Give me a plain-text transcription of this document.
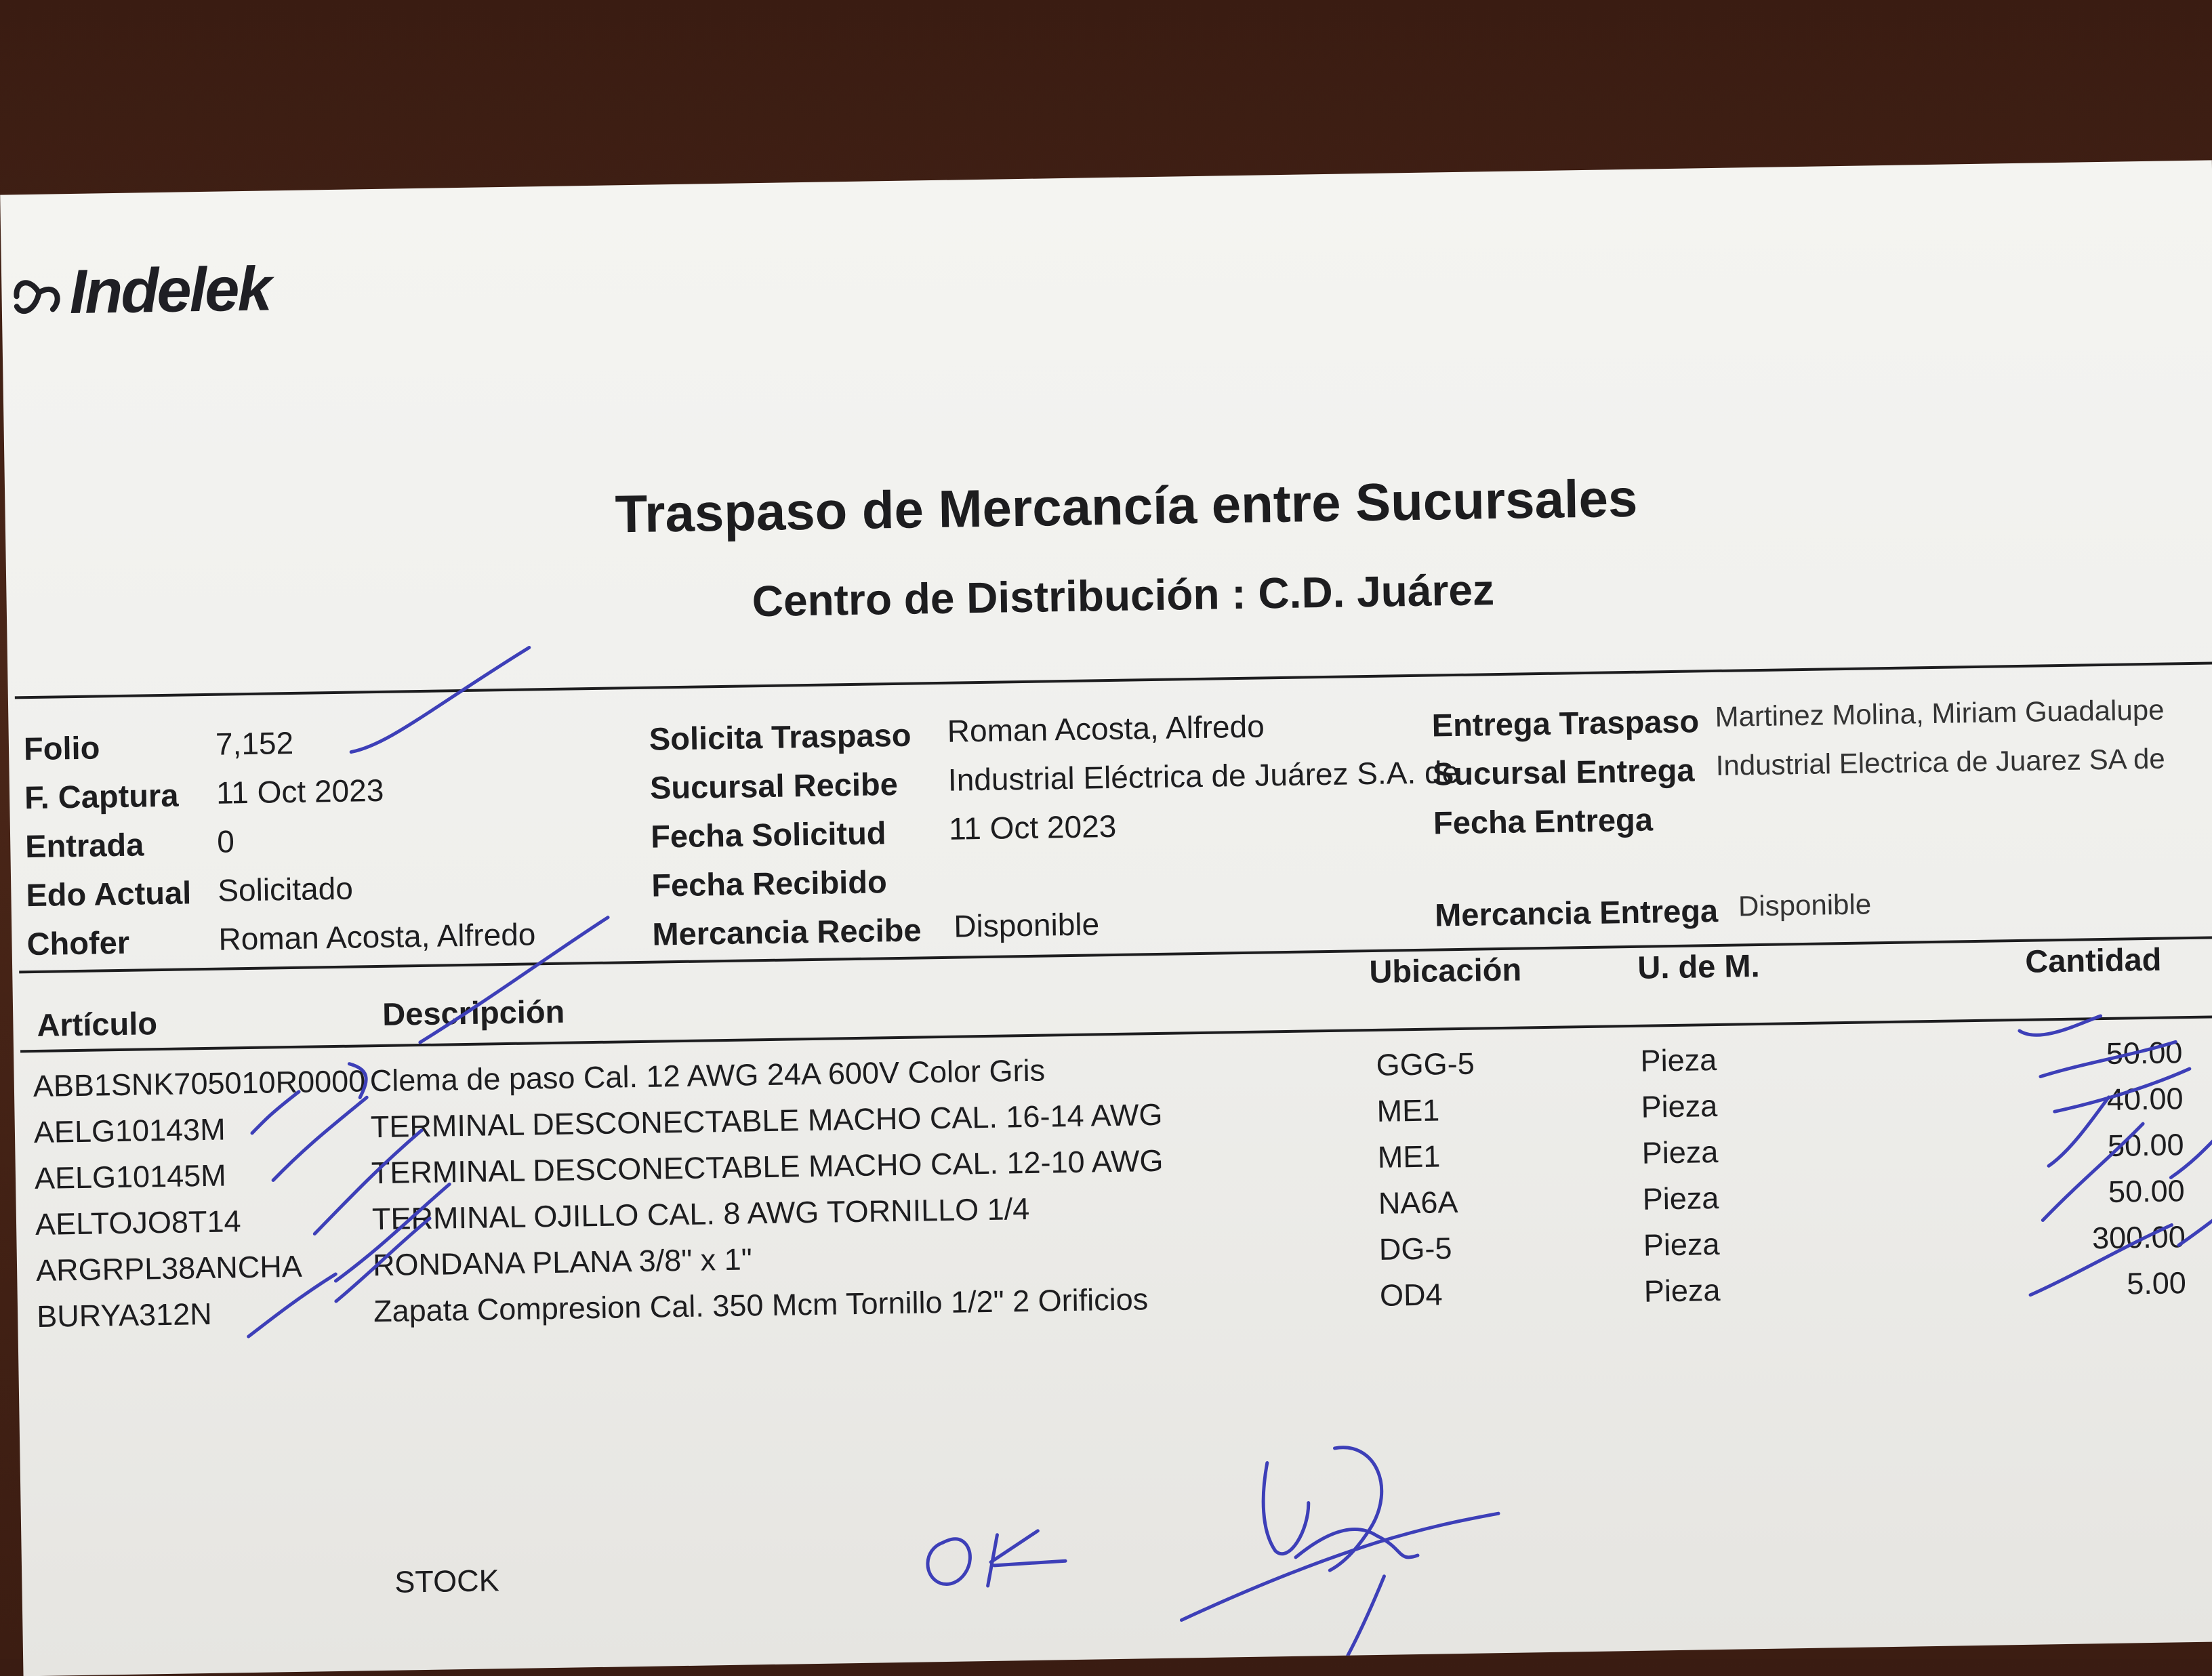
Indelek
Traspaso de Mercancía entre Sucursales
Centro de Distribución : C.D. Juárez
Folio	7,152
F. Captura 11 Oct 2023
Entrada 0
Edo Actual Solicitado
Chofer	Roman Acosta, Alfredo
Solicita Traspaso Roman Acosta, Alfredo
Sucursal Recibe Industrial Eléctrica de Juárez S.A. de
Fecha Solicitud 11 Oct 2023
Fecha Recibido
Mercancia Recibe Disponible
Entrega Traspaso Martinez Molina, Miriam Guadalupe
Sucursal Entrega Industrial Electrica de Juarez SA de
Fecha Entrega
Mercancia Entrega Disponible
Artículo	Descripción
Ubicación	U. de M.	Cantidad
ABB1SNK705010R0000 Clema de paso Cal. 12 AWG 24A 600V Color Gris	GGG-5	Pieza	50.00
AELG10143M	TERMINAL DESCONECTABLE MACHO CAL. 16-14 AWG	ME1	Pieza	40.00
AELG10145M	TERMINAL DESCONECTABLE MACHO CAL. 12-10 AWG	ME1	Pieza	50.00
AELTOJO8T14	TERMINAL OJILLO CAL. 8 AWG TORNILLO 1/4	NA6A	Pieza	50.00
ARGRPL38ANCHA RONDANA PLANA 3/8" x 1"	DG-5	Pieza	300.00
BURYA312N	Zapata Compresion Cal. 350 Mcm Tornillo 1/2" 2 Orificios	OD4	Pieza	5.00
STOCK
